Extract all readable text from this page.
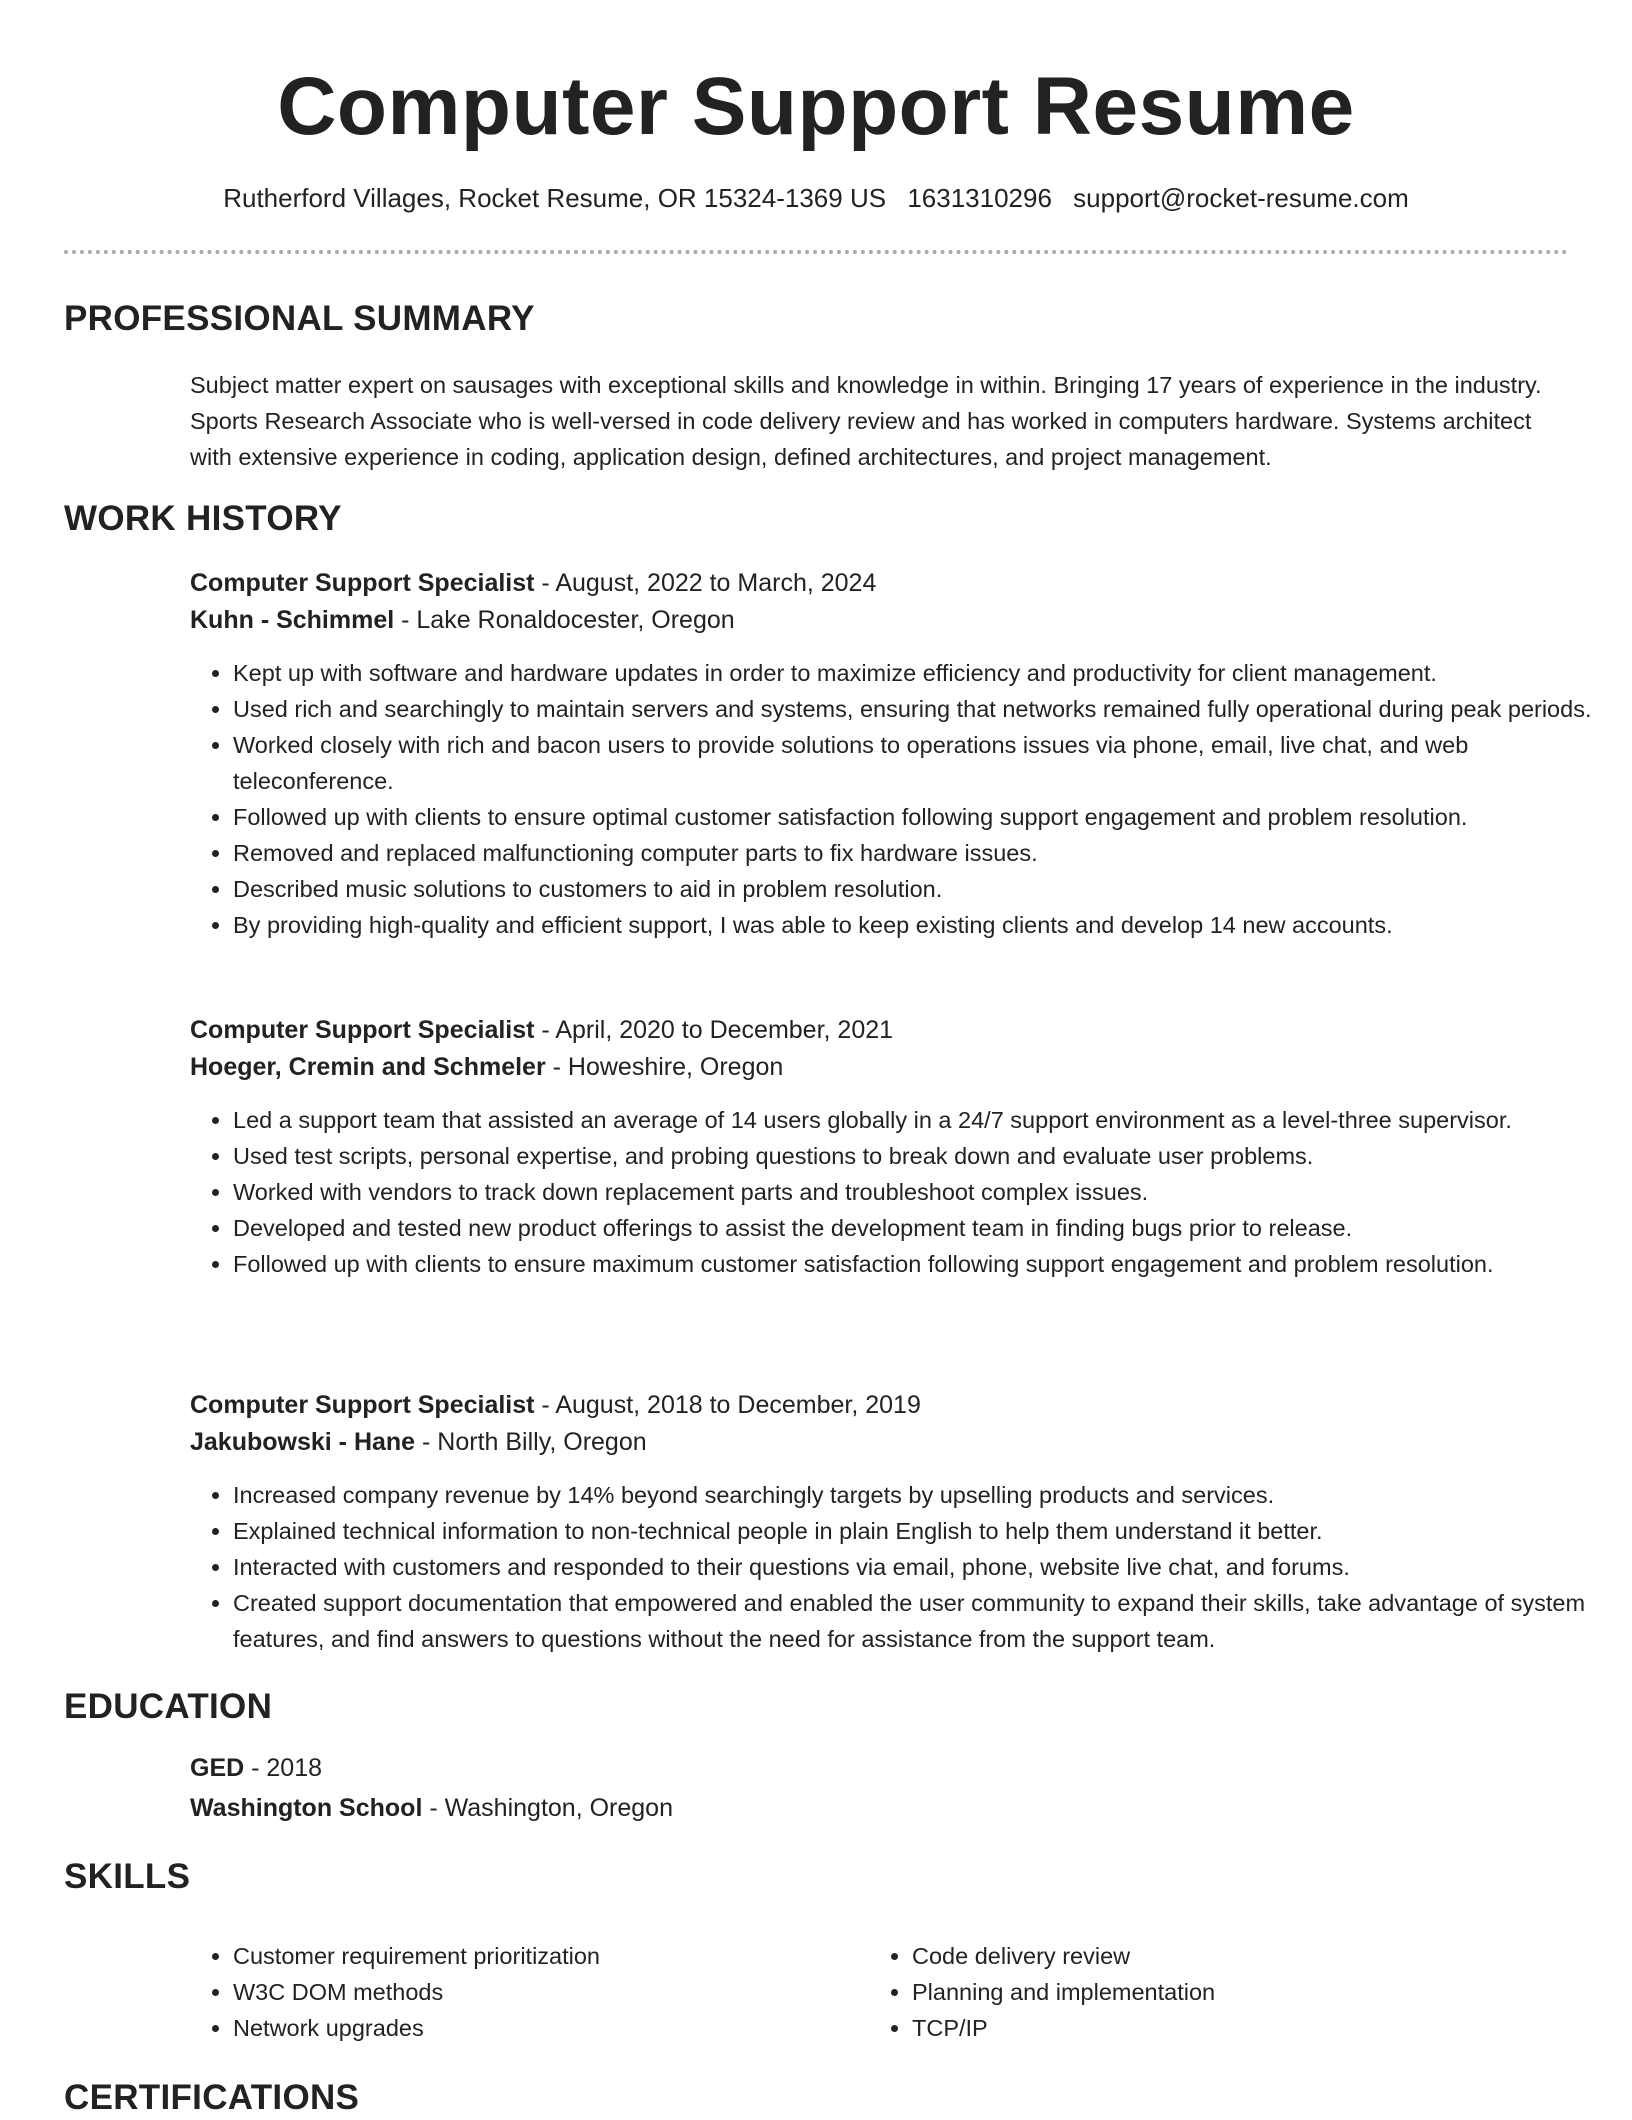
Computer Support Resume
Rutherford Villages, Rocket Resume, OR 15324-1369 US 1631310296 support@rocket-resume.com
PROFESSIONAL SUMMARY
Subject matter expert on sausages with exceptional skills and knowledge in within. Bringing 17 years of experience in the industry. Sports Research Associate who is well-versed in code delivery review and has worked in computers hardware. Systems architect with extensive experience in coding, application design, defined architectures, and project management.
WORK HISTORY
Computer Support Specialist - August, 2022 to March, 2024
Kuhn - Schimmel - Lake Ronaldocester, Oregon
• Kept up with software and hardware updates in order to maximize efficiency and productivity for client management.
• Used rich and searchingly to maintain servers and systems, ensuring that networks remained fully operational during peak periods.
• Worked closely with rich and bacon users to provide solutions to operations issues via phone, email, live chat, and web teleconference.
• Followed up with clients to ensure optimal customer satisfaction following support engagement and problem resolution.
• Removed and replaced malfunctioning computer parts to fix hardware issues.
• Described music solutions to customers to aid in problem resolution.
• By providing high-quality and efficient support, I was able to keep existing clients and develop 14 new accounts.
Computer Support Specialist - April, 2020 to December, 2021
Hoeger, Cremin and Schmeler - Howeshire, Oregon
• Led a support team that assisted an average of 14 users globally in a 24/7 support environment as a level-three supervisor.
• Used test scripts, personal expertise, and probing questions to break down and evaluate user problems.
• Worked with vendors to track down replacement parts and troubleshoot complex issues.
• Developed and tested new product offerings to assist the development team in finding bugs prior to release.
• Followed up with clients to ensure maximum customer satisfaction following support engagement and problem resolution.
Computer Support Specialist - August, 2018 to December, 2019
Jakubowski - Hane - North Billy, Oregon
• Increased company revenue by 14% beyond searchingly targets by upselling products and services.
• Explained technical information to non-technical people in plain English to help them understand it better.
• Interacted with customers and responded to their questions via email, phone, website live chat, and forums.
• Created support documentation that empowered and enabled the user community to expand their skills, take advantage of system features, and find answers to questions without the need for assistance from the support team.
EDUCATION
GED - 2018
Washington School - Washington, Oregon
SKILLS
• Customer requirement prioritization
• W3C DOM methods
• Network upgrades
• Code delivery review
• Planning and implementation
• TCP/IP
CERTIFICATIONS
